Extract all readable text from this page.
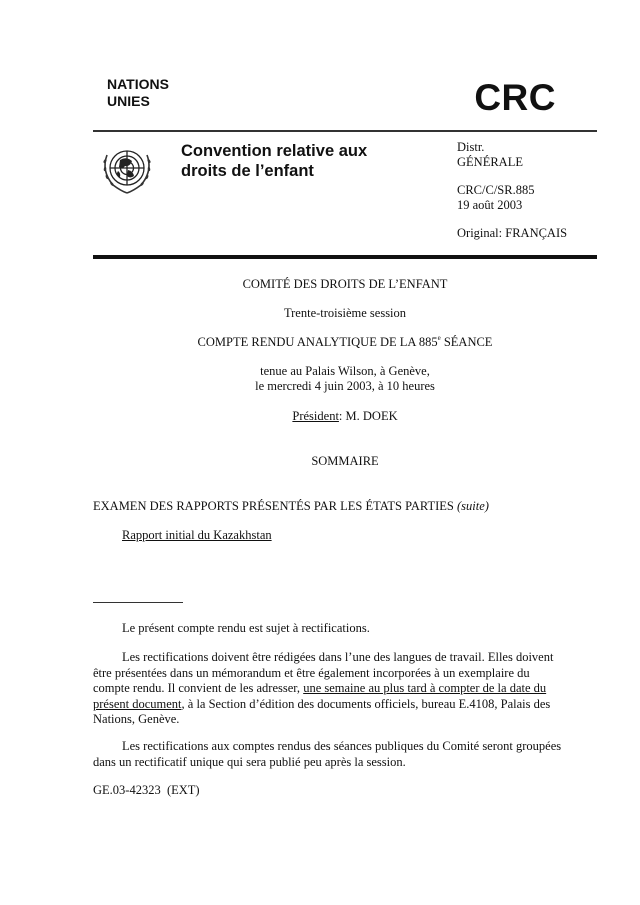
NATIONS
UNIES	CRC
Convention relative aux
droits de l’enfant

Distr.

GÉNÉRALE

CRC/C/SR.885

19 août 2003

Original: FRANÇAIS

COMITÉ DES DROITS DE L’ENFANT

Trente-troisième session

COMPTE RENDU ANALYTIQUE DE LA 885e SÉANCE

tenue au Palais Wilson, à Genève,

le mercredi 4 juin 2003, à 10 heures

Président: M. DOEK

SOMMAIRE

EXAMEN DES RAPPORTS PRÉSENTÉS PAR LES ÉTATS PARTIES (suite)
Rapport initial du Kazakhstan

Le présent compte rendu est sujet à rectifications.

Les rectifications doivent être rédigées dans l’une des langues de travail. Elles doivent être présentées dans un mémorandum et être également incorporées à un exemplaire du compte rendu. Il convient de les adresser, une semaine au plus tard à compter de la date du présent document, à la Section d’édition des documents officiels, bureau E.4108, Palais des Nations, Genève.

Les rectifications aux comptes rendus des séances publiques du Comité seront groupées dans un rectificatif unique qui sera publié peu après la session.

GE.03-42323  (EXT)
